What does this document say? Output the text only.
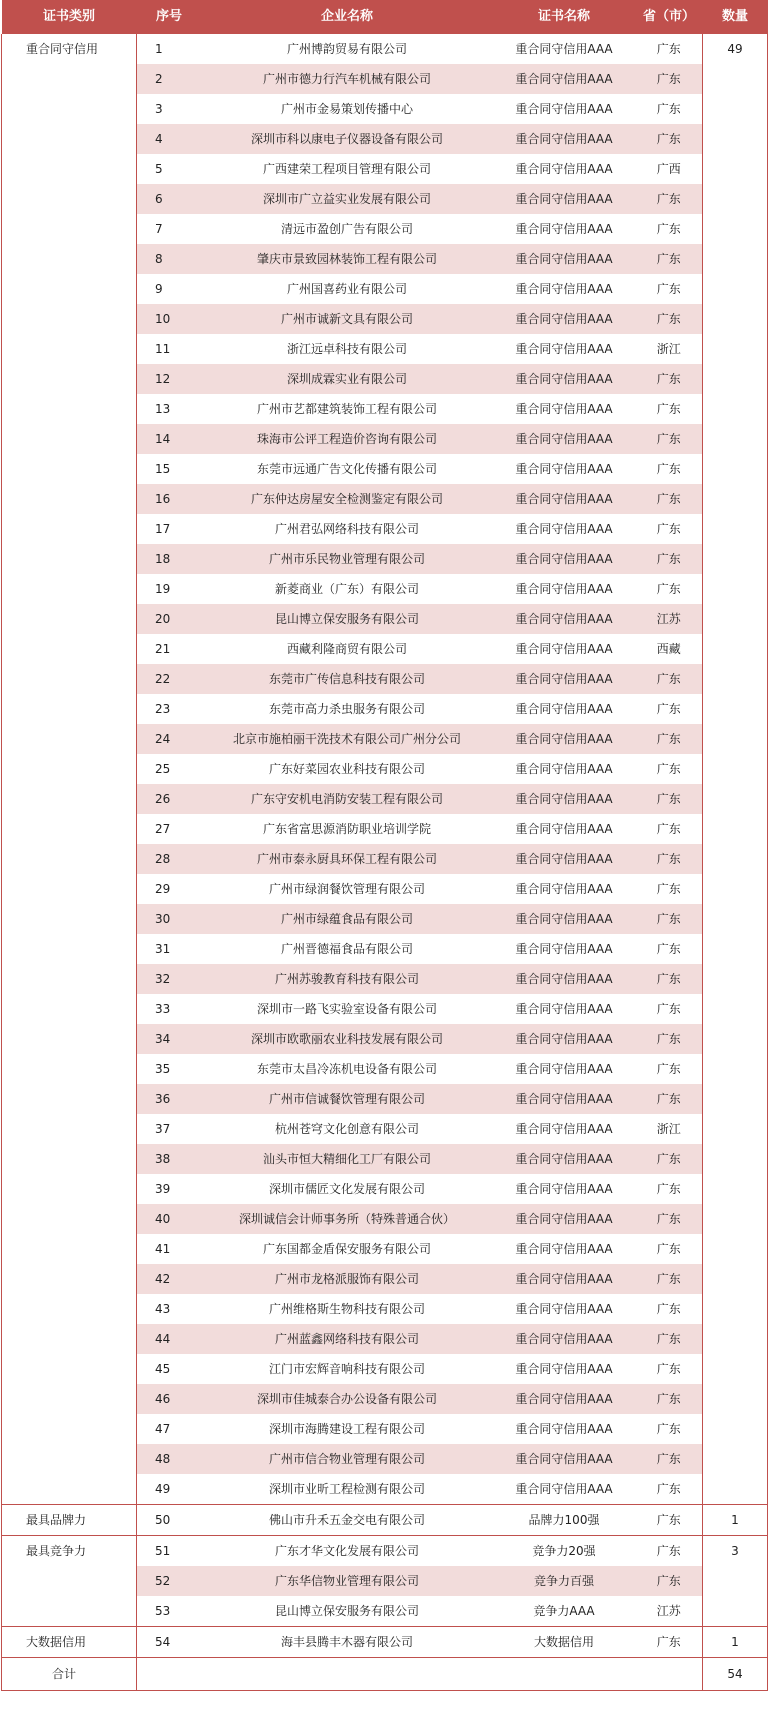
证书类别	序号	企业名称	证书名称	省（市）	数量
重合同守信用	1	广州博韵贸易有限公司	重合同守信用AAA	广东	49
	2	广州市德力行汽车机械有限公司	重合同守信用AAA	广东	
	3	广州市金易策划传播中心	重合同守信用AAA	广东	
	4	深圳市科以康电子仪器设备有限公司	重合同守信用AAA	广东	
	5	广西建荣工程项目管理有限公司	重合同守信用AAA	广西	
	6	深圳市广立益实业发展有限公司	重合同守信用AAA	广东	
	7	清远市盈创广告有限公司	重合同守信用AAA	广东	
	8	肇庆市景致园林装饰工程有限公司	重合同守信用AAA	广东	
	9	广州国喜药业有限公司	重合同守信用AAA	广东	
	10	广州市诚新文具有限公司	重合同守信用AAA	广东	
	11	浙江远卓科技有限公司	重合同守信用AAA	浙江	
	12	深圳成霖实业有限公司	重合同守信用AAA	广东	
	13	广州市艺都建筑装饰工程有限公司	重合同守信用AAA	广东	
	14	珠海市公评工程造价咨询有限公司	重合同守信用AAA	广东	
	15	东莞市远通广告文化传播有限公司	重合同守信用AAA	广东	
	16	广东仲达房屋安全检测鉴定有限公司	重合同守信用AAA	广东	
	17	广州君弘网络科技有限公司	重合同守信用AAA	广东	
	18	广州市乐民物业管理有限公司	重合同守信用AAA	广东	
	19	新菱商业（广东）有限公司	重合同守信用AAA	广东	
	20	昆山博立保安服务有限公司	重合同守信用AAA	江苏	
	21	西藏利隆商贸有限公司	重合同守信用AAA	西藏	
	22	东莞市广传信息科技有限公司	重合同守信用AAA	广东	
	23	东莞市高力杀虫服务有限公司	重合同守信用AAA	广东	
	24	北京市施柏丽干洗技术有限公司广州分公司	重合同守信用AAA	广东	
	25	广东好菜园农业科技有限公司	重合同守信用AAA	广东	
	26	广东守安机电消防安装工程有限公司	重合同守信用AAA	广东	
	27	广东省富思源消防职业培训学院	重合同守信用AAA	广东	
	28	广州市泰永厨具环保工程有限公司	重合同守信用AAA	广东	
	29	广州市绿润餐饮管理有限公司	重合同守信用AAA	广东	
	30	广州市绿蕴食品有限公司	重合同守信用AAA	广东	
	31	广州晋德福食品有限公司	重合同守信用AAA	广东	
	32	广州苏骏教育科技有限公司	重合同守信用AAA	广东	
	33	深圳市一路飞实验室设备有限公司	重合同守信用AAA	广东	
	34	深圳市欧歌丽农业科技发展有限公司	重合同守信用AAA	广东	
	35	东莞市太昌冷冻机电设备有限公司	重合同守信用AAA	广东	
	36	广州市信诚餐饮管理有限公司	重合同守信用AAA	广东	
	37	杭州苍穹文化创意有限公司	重合同守信用AAA	浙江	
	38	汕头市恒大精细化工厂有限公司	重合同守信用AAA	广东	
	39	深圳市儒匠文化发展有限公司	重合同守信用AAA	广东	
	40	深圳诚信会计师事务所（特殊普通合伙）	重合同守信用AAA	广东	
	41	广东国都金盾保安服务有限公司	重合同守信用AAA	广东	
	42	广州市龙格派服饰有限公司	重合同守信用AAA	广东	
	43	广州维格斯生物科技有限公司	重合同守信用AAA	广东	
	44	广州蓝鑫网络科技有限公司	重合同守信用AAA	广东	
	45	江门市宏辉音响科技有限公司	重合同守信用AAA	广东	
	46	深圳市佳城泰合办公设备有限公司	重合同守信用AAA	广东	
	47	深圳市海腾建设工程有限公司	重合同守信用AAA	广东	
	48	广州市信合物业管理有限公司	重合同守信用AAA	广东	
	49	深圳市业昕工程检测有限公司	重合同守信用AAA	广东	
最具品牌力	50	佛山市升禾五金交电有限公司	品牌力100强	广东	1
最具竞争力	51	广东才华文化发展有限公司	竞争力20强	广东	3
	52	广东华信物业管理有限公司	竞争力百强	广东	
	53	昆山博立保安服务有限公司	竞争力AAA	江苏	
大数据信用	54	海丰县腾丰木器有限公司	大数据信用	广东	1
合计					54
